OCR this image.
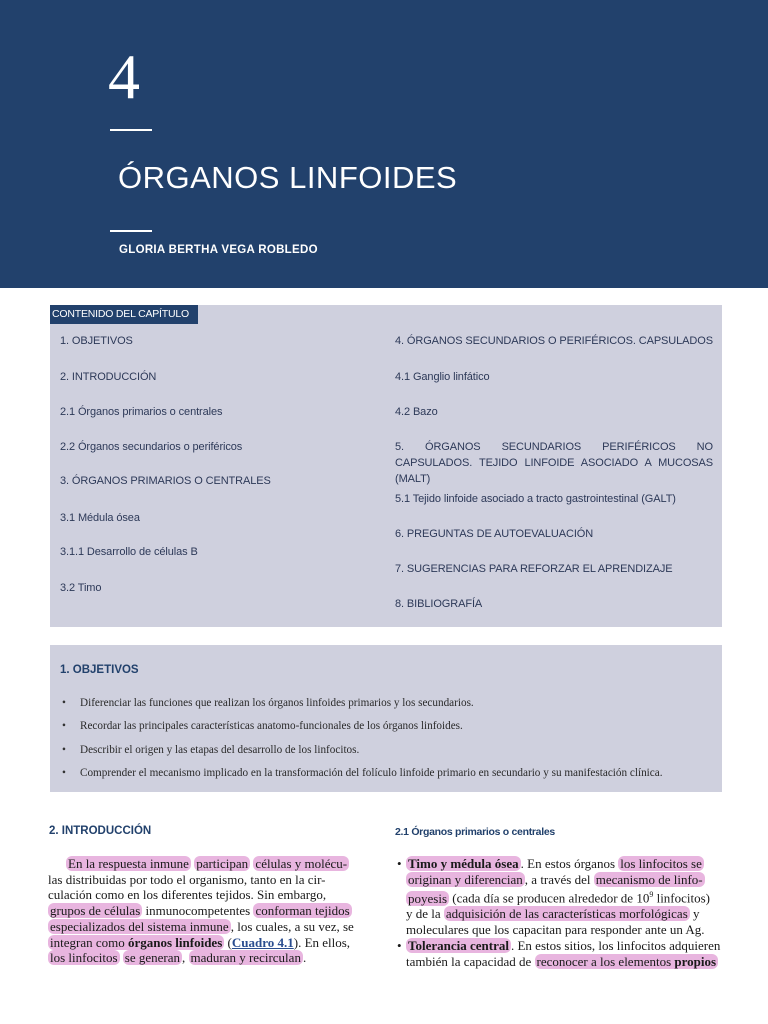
4
ÓRGANOS LINFOIDES
GLORIA BERTHA VEGA ROBLEDO
CONTENIDO DEL CAPÍTULO
1. OBJETIVOS
2. INTRODUCCIÓN
2.1 Órganos primarios o centrales
2.2 Órganos secundarios o periféricos
3. ÓRGANOS PRIMARIOS O CENTRALES
3.1 Médula ósea
3.1.1 Desarrollo de células B
3.2 Timo
4. ÓRGANOS SECUNDARIOS O PERIFÉRICOS. CAPSULADOS
4.1 Ganglio linfático
4.2 Bazo
5. ÓRGANOS SECUNDARIOS PERIFÉRICOS NO CAPSULADOS. TEJIDO LINFOIDE ASOCIADO A MUCOSAS (MALT)
5.1 Tejido linfoide asociado a tracto gastrointestinal (GALT)
6. PREGUNTAS DE AUTOEVALUACIÓN
7. SUGERENCIAS PARA REFORZAR EL APRENDIZAJE
8. BIBLIOGRAFÍA
1. OBJETIVOS
• Diferenciar las funciones que realizan los órganos linfoides primarios y los secundarios.
• Recordar las principales características anatomo-funcionales de los órganos linfoides.
• Describir el origen y las etapas del desarrollo de los linfocitos.
• Comprender el mecanismo implicado en la transformación del folículo linfoide primario en secundario y su manifestación clínica.
2. INTRODUCCIÓN
En la respuesta inmune participan células y molécu-
las distribuidas por todo el organismo, tanto en la cir-
culación como en los diferentes tejidos. Sin embargo,
grupos de células inmunocompetentes conforman tejidos
especializados del sistema inmune , los cuales, a su vez, se
integran como órganos linfoides (Cuadro 4.1). En ellos,
los linfocitos se generan , maduran y recirculan .
2.1 Órganos primarios o centrales
• Timo y médula ósea . En estos órganos los linfocitos se
originan y diferencian , a través del mecanismo de linfo-
poyesis (cada día se producen alrededor de $10^9$ linfocitos)
y de la adquisición de las características morfológicas y
moleculares que los capacitan para responder ante un Ag.
• Tolerancia central . En estos sitios, los linfocitos adquieren
también la capacidad de reconocer a los elementos propios
